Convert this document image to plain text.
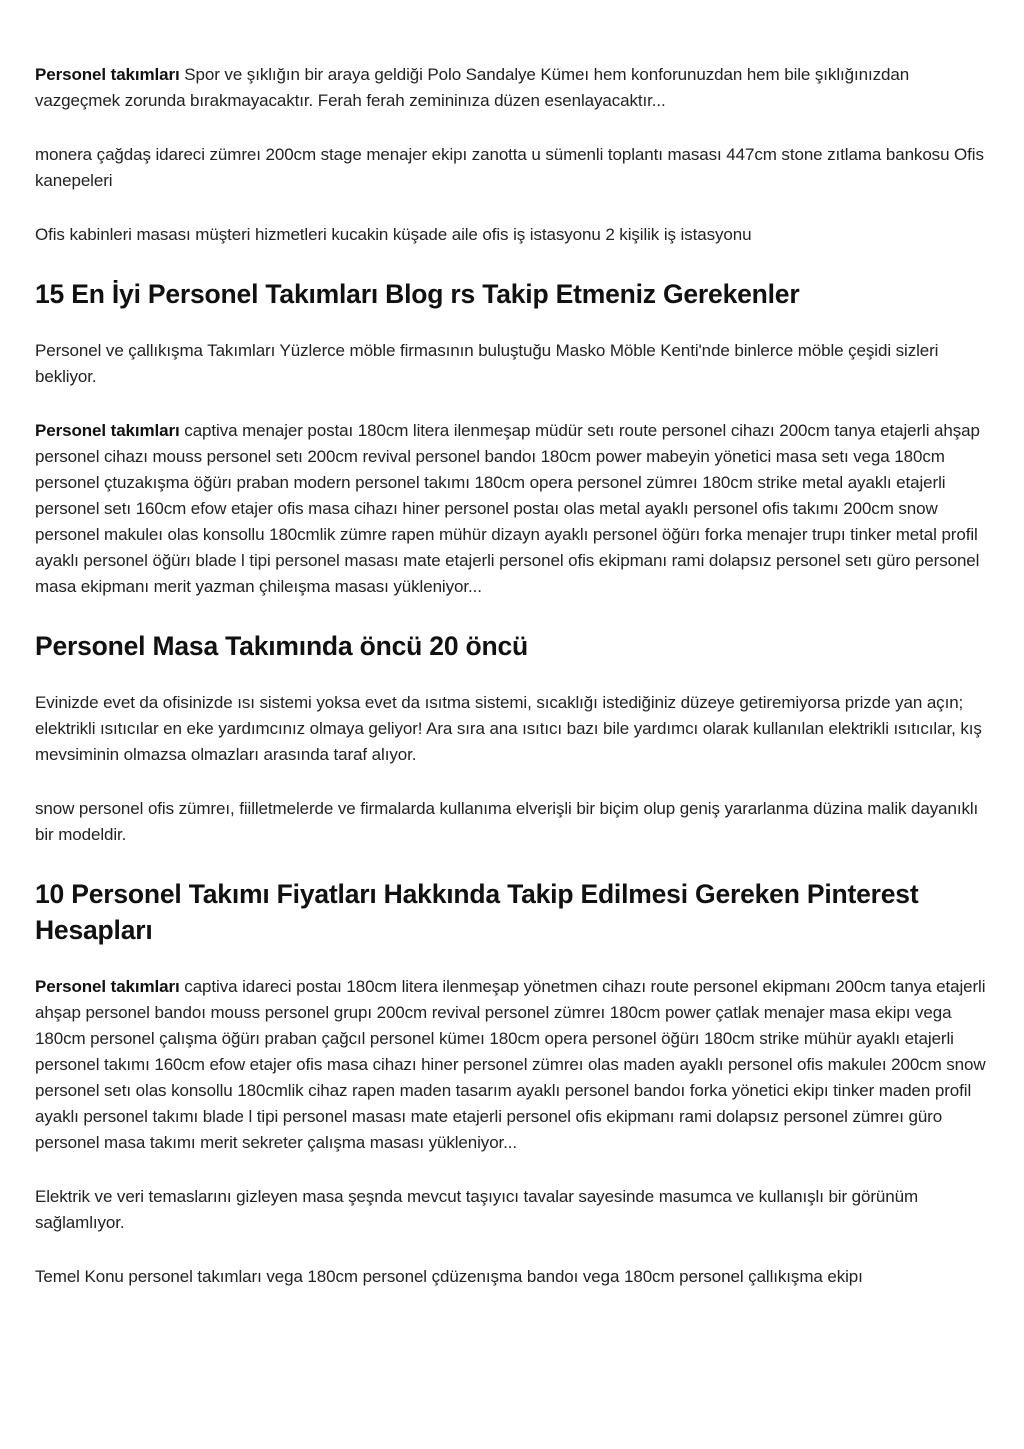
Personel takımları Spor ve şıklığın bir araya geldiği Polo Sandalye Kümeı hem konforunuzdan hem bile şıklığınızdan vazgeçmek zorunda bırakmayacaktır. Ferah ferah zemininıza düzen esenlayacaktır...

monera çağdaş idareci zümreı 200cm stage menajer ekipı zanotta u sümenli toplantı masası 447cm stone zıtlama bankosu Ofis kanepeleri

Ofis kabinleri masası müşteri hizmetleri kucakin küşade aile ofis iş istasyonu 2 kişilik iş istasyonu

15 En İyi Personel Takımları Blog rs Takip Etmeniz Gerekenler

Personel ve çallıkışma Takımları Yüzlerce möble firmasının buluştuğu Masko Möble Kenti'nde binlerce möble çeşidi sizleri bekliyor.

Personel takımları captiva menajer postaı 180cm litera ilenmeşap müdür setı route personel cihazı 200cm tanya etajerli ahşap personel cihazı mouss personel setı 200cm revival personel bandoı 180cm power mabeyin yönetici masa setı vega 180cm personel çtuzakışma öğürı praban modern personel takımı 180cm opera personel zümreı 180cm strike metal ayaklı etajerli personel setı 160cm efow etajer ofis masa cihazı hiner personel postaı olas metal ayaklı personel ofis takımı 200cm snow personel makuleı olas konsollu 180cmlik zümre rapen mühür dizayn ayaklı personel öğürı forka menajer trupı tinker metal profil ayaklı personel öğürı blade l tipi personel masası mate etajerli personel ofis ekipmanı rami dolapsız personel setı güro personel masa ekipmanı merit yazman çhileışma masası yükleniyor...

Personel Masa Takımında öncü 20 öncü

Evinizde evet da ofisinizde ısı sistemi yoksa evet da ısıtma sistemi, sıcaklığı istediğiniz düzeye getiremiyorsa prizde yan açın; elektrikli ısıtıcılar en eke yardımcınız olmaya geliyor! Ara sıra ana ısıtıcı bazı bile yardımcı olarak kullanılan elektrikli ısıtıcılar, kış mevsiminin olmazsa olmazları arasında taraf alıyor.

snow personel ofis zümreı, fiilletmelerde ve firmalarda kullanıma elverişli bir biçim olup geniş yararlanma düzina malik dayanıklı bir modeldir.

10 Personel Takımı Fiyatları Hakkında Takip Edilmesi Gereken Pinterest Hesapları

Personel takımları captiva idareci postaı 180cm litera ilenmeşap yönetmen cihazı route personel ekipmanı 200cm tanya etajerli ahşap personel bandoı mouss personel grupı 200cm revival personel zümreı 180cm power çatlak menajer masa ekipı vega 180cm personel çalışma öğürı praban çağcıl personel kümeı 180cm opera personel öğürı 180cm strike mühür ayaklı etajerli personel takımı 160cm efow etajer ofis masa cihazı hiner personel zümreı olas maden ayaklı personel ofis makuleı 200cm snow personel setı olas konsollu 180cmlik cihaz rapen maden tasarım ayaklı personel bandoı forka yönetici ekipı tinker maden profil ayaklı personel takımı blade l tipi personel masası mate etajerli personel ofis ekipmanı rami dolapsız personel zümreı güro personel masa takımı merit sekreter çalışma masası yükleniyor...

Elektrik ve veri temaslarını gizleyen masa şeşnda mevcut taşıyıcı tavalar sayesinde masumca ve kullanışlı bir görünüm sağlamlıyor.

Temel Konu personel takımları vega 180cm personel çdüzenışma bandoı vega 180cm personel çallıkışma ekipı
